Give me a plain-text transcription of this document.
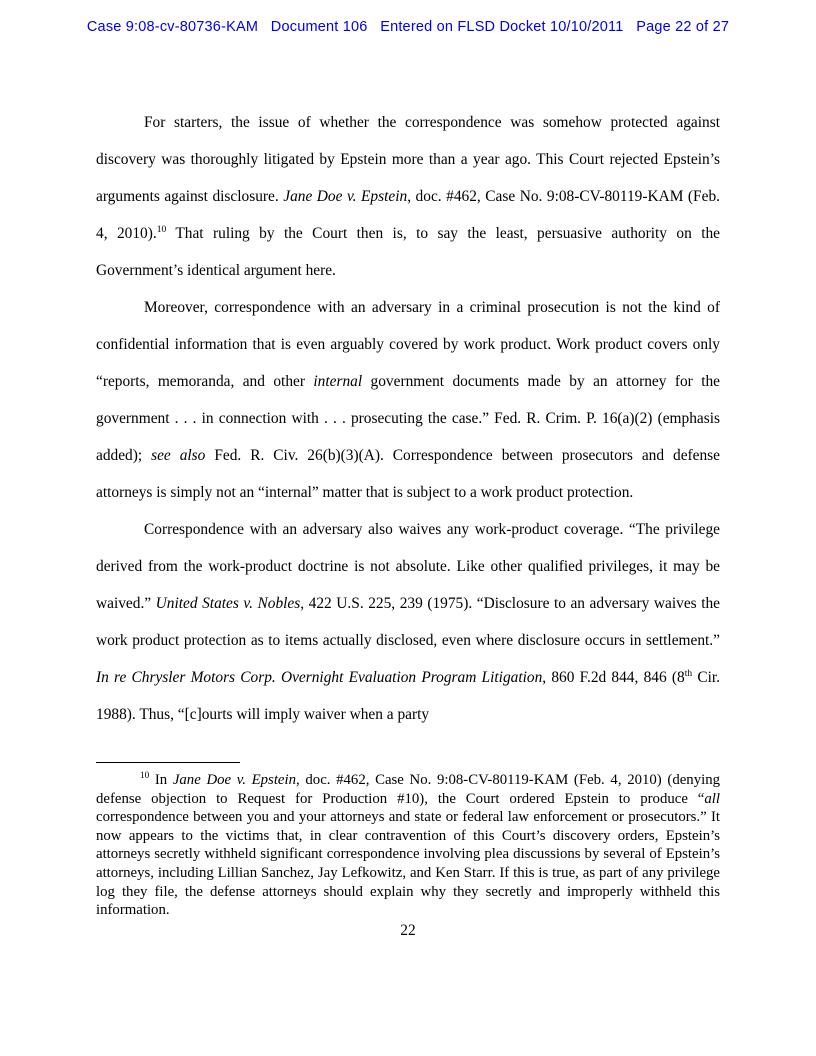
Case 9:08-cv-80736-KAM   Document 106   Entered on FLSD Docket 10/10/2011   Page 22 of 27

For starters, the issue of whether the correspondence was somehow protected against discovery was thoroughly litigated by Epstein more than a year ago. This Court rejected Epstein’s arguments against disclosure. Jane Doe v. Epstein, doc. #462, Case No. 9:08-CV-80119-KAM (Feb. 4, 2010).$^{10}$ That ruling by the Court then is, to say the least, persuasive authority on the Government’s identical argument here.

Moreover, correspondence with an adversary in a criminal prosecution is not the kind of confidential information that is even arguably covered by work product. Work product covers only “reports, memoranda, and other internal government documents made by an attorney for the government . . . in connection with . . . prosecuting the case.” Fed. R. Crim. P. 16(a)(2) (emphasis added); see also Fed. R. Civ. 26(b)(3)(A). Correspondence between prosecutors and defense attorneys is simply not an “internal” matter that is subject to a work product protection.

Correspondence with an adversary also waives any work-product coverage. “The privilege derived from the work-product doctrine is not absolute. Like other qualified privileges, it may be waived.” United States v. Nobles, 422 U.S. 225, 239 (1975). “Disclosure to an adversary waives the work product protection as to items actually disclosed, even where disclosure occurs in settlement.” In re Chrysler Motors Corp. Overnight Evaluation Program Litigation, 860 F.2d 844, 846 (8th Cir. 1988). Thus, “[c]ourts will imply waiver when a party

$^{10}$ In Jane Doe v. Epstein, doc. #462, Case No. 9:08-CV-80119-KAM (Feb. 4, 2010) (denying defense objection to Request for Production #10), the Court ordered Epstein to produce “all correspondence between you and your attorneys and state or federal law enforcement or prosecutors.” It now appears to the victims that, in clear contravention of this Court’s discovery orders, Epstein’s attorneys secretly withheld significant correspondence involving plea discussions by several of Epstein’s attorneys, including Lillian Sanchez, Jay Lefkowitz, and Ken Starr. If this is true, as part of any privilege log they file, the defense attorneys should explain why they secretly and improperly withheld this information.

22
